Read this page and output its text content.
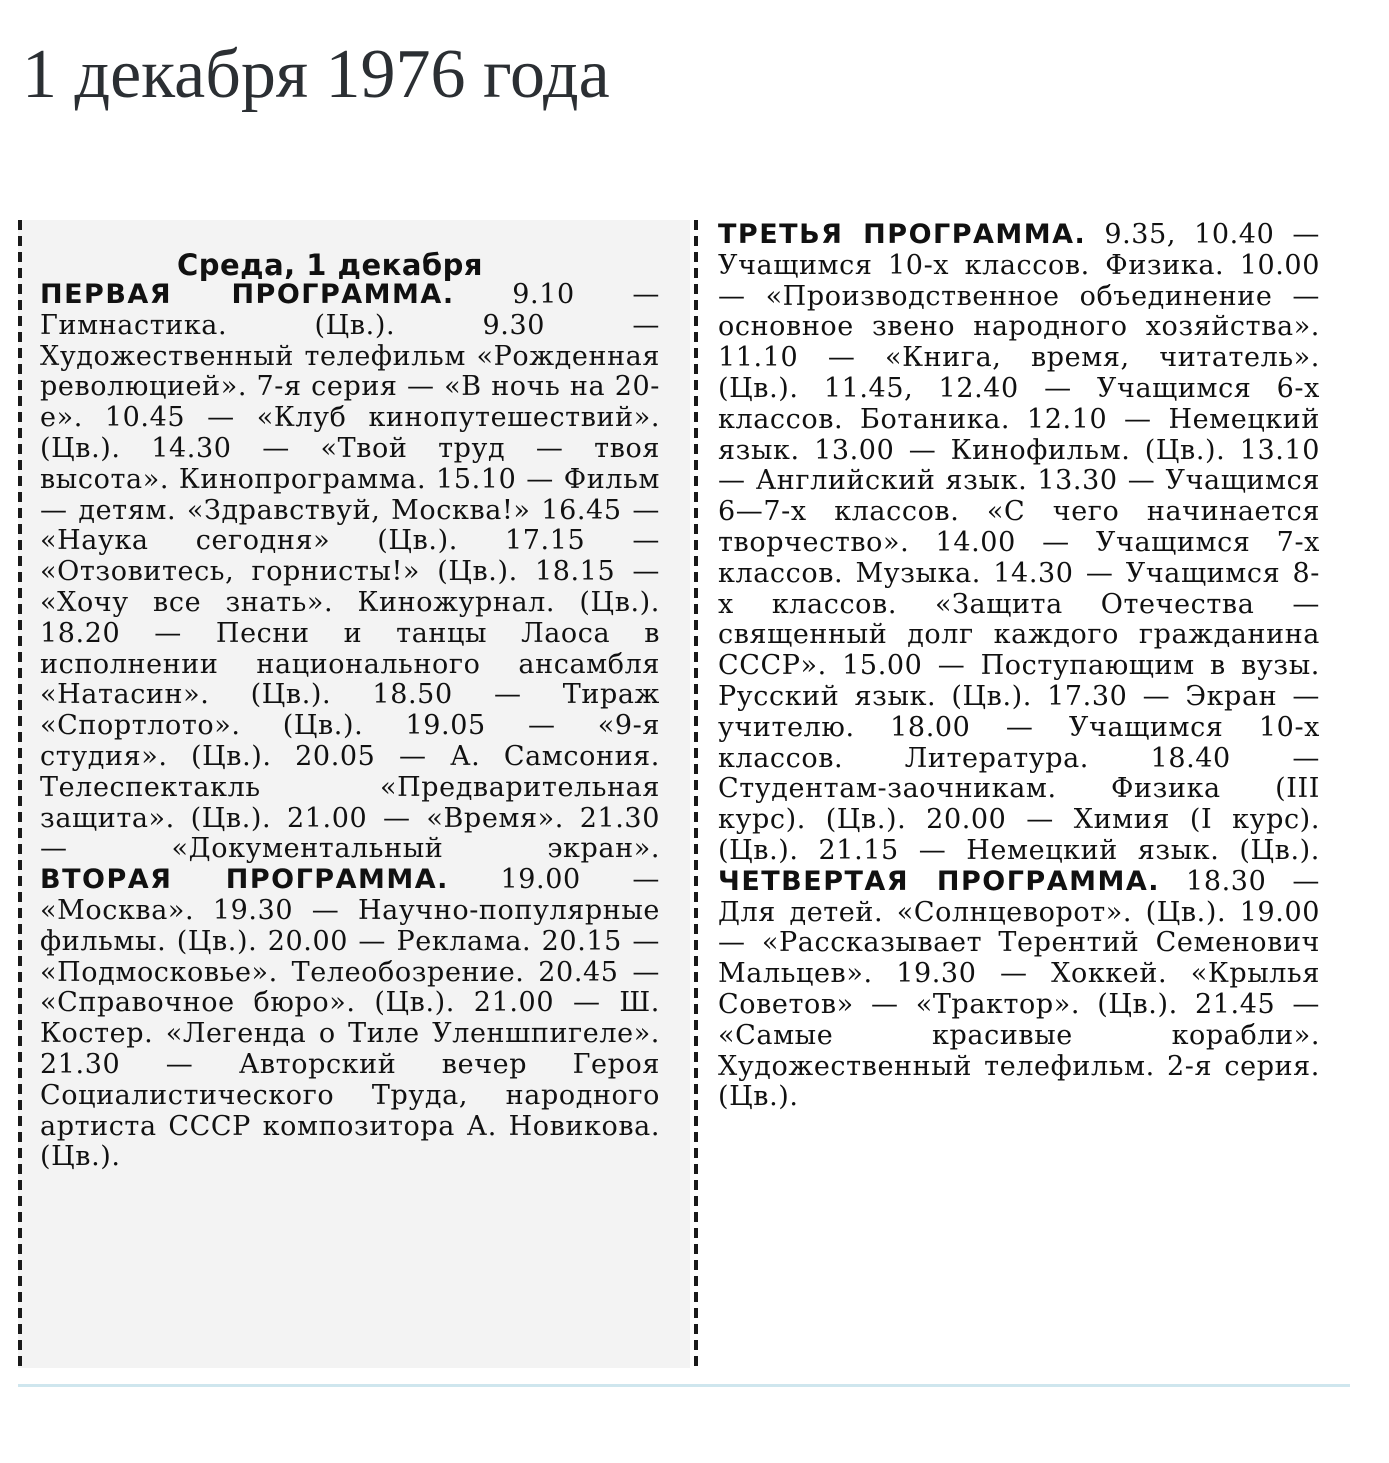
1 декабря 1976 года
Среда, 1 декабря
ПЕРВАЯ ПРОГРАММА. 9.10 — Гимнастика. (Цв.). 9.30 — Художественный телефильм «Рожденная революцией». 7-я серия — «В ночь на 20-е». 10.45 — «Клуб кинопутешествий». (Цв.). 14.30 — «Твой труд — твоя высота». Кинопрограмма. 15.10 — Фильм — детям. «Здравствуй, Москва!» 16.45 — «Наука сегодня» (Цв.). 17.15 — «Отзовитесь, горнисты!» (Цв.). 18.15 — «Хочу все знать». Киножурнал. (Цв.). 18.20 — Песни и танцы Лаоса в исполнении национального ансамбля «Натасин». (Цв.). 18.50 — Тираж «Спортлото». (Цв.). 19.05 — «9-я студия». (Цв.). 20.05 — А. Самсония. Телеспектакль «Предварительная защита». (Цв.). 21.00 — «Время». 21.30 — «Документальный экран».
ВТОРАЯ ПРОГРАММА. 19.00 — «Москва». 19.30 — Научно-популярные фильмы. (Цв.). 20.00 — Реклама. 20.15 — «Подмосковье». Телеобозрение. 20.45 — «Справочное бюро». (Цв.). 21.00 — Ш. Костер. «Легенда о Тиле Уленшпигеле». 21.30 — Авторский вечер Героя Социалистического Труда, народного артиста СССР композитора А. Новикова. (Цв.).
ТРЕТЬЯ ПРОГРАММА. 9.35, 10.40 — Учащимся 10-х классов. Физика. 10.00 — «Производственное объединение — основное звено народного хозяйства». 11.10 — «Книга, время, читатель». (Цв.). 11.45, 12.40 — Учащимся 6-х классов. Ботаника. 12.10 — Немецкий язык. 13.00 — Кинофильм. (Цв.). 13.10 — Английский язык. 13.30 — Учащимся 6—7-х классов. «С чего начинается творчество». 14.00 — Учащимся 7-х классов. Музыка. 14.30 — Учащимся 8-х классов. «Защита Отечества — священный долг каждого гражданина СССР». 15.00 — Поступающим в вузы. Русский язык. (Цв.). 17.30 — Экран — учителю. 18.00 — Учащимся 10-х классов. Литература. 18.40 — Студентам-заочникам. Физика (III курс). (Цв.). 20.00 — Химия (I курс). (Цв.). 21.15 — Немецкий язык. (Цв.).
ЧЕТВЕРТАЯ ПРОГРАММА. 18.30 — Для детей. «Солнцеворот». (Цв.). 19.00 — «Рассказывает Терентий Семенович Мальцев». 19.30 — Хоккей. «Крылья Советов» — «Трактор». (Цв.). 21.45 — «Самые красивые корабли». Художественный телефильм. 2-я серия. (Цв.).
